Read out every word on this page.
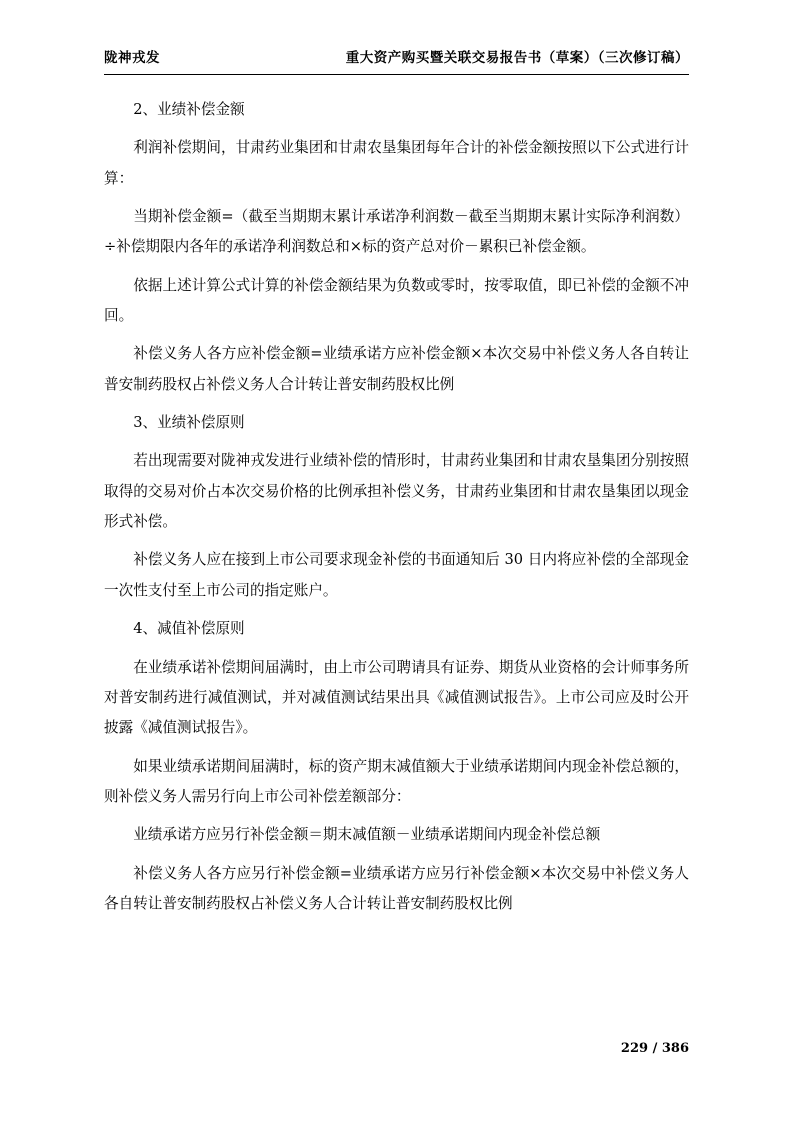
陇神戎发	重大资产购买暨关联交易报告书（草案）（三次修订稿）

2、业绩补偿金额

利润补偿期间，甘肃药业集团和甘肃农垦集团每年合计的补偿金额按照以下公式进行计算：

当期补偿金额=（截至当期期末累计承诺净利润数－截至当期期末累计实际净利润数）÷补偿期限内各年的承诺净利润数总和×标的资产总对价－累积已补偿金额。

依据上述计算公式计算的补偿金额结果为负数或零时，按零取值，即已补偿的金额不冲回。

补偿义务人各方应补偿金额=业绩承诺方应补偿金额×本次交易中补偿义务人各自转让普安制药股权占补偿义务人合计转让普安制药股权比例

3、业绩补偿原则

若出现需要对陇神戎发进行业绩补偿的情形时，甘肃药业集团和甘肃农垦集团分别按照取得的交易对价占本次交易价格的比例承担补偿义务，甘肃药业集团和甘肃农垦集团以现金形式补偿。

补偿义务人应在接到上市公司要求现金补偿的书面通知后 30 日内将应补偿的全部现金一次性支付至上市公司的指定账户。

4、减值补偿原则

在业绩承诺补偿期间届满时，由上市公司聘请具有证券、期货从业资格的会计师事务所对普安制药进行减值测试，并对减值测试结果出具《减值测试报告》。上市公司应及时公开披露《减值测试报告》。

如果业绩承诺期间届满时，标的资产期末减值额大于业绩承诺期间内现金补偿总额的，则补偿义务人需另行向上市公司补偿差额部分：

业绩承诺方应另行补偿金额＝期末减值额－业绩承诺期间内现金补偿总额

补偿义务人各方应另行补偿金额=业绩承诺方应另行补偿金额×本次交易中补偿义务人各自转让普安制药股权占补偿义务人合计转让普安制药股权比例

229 / 386
